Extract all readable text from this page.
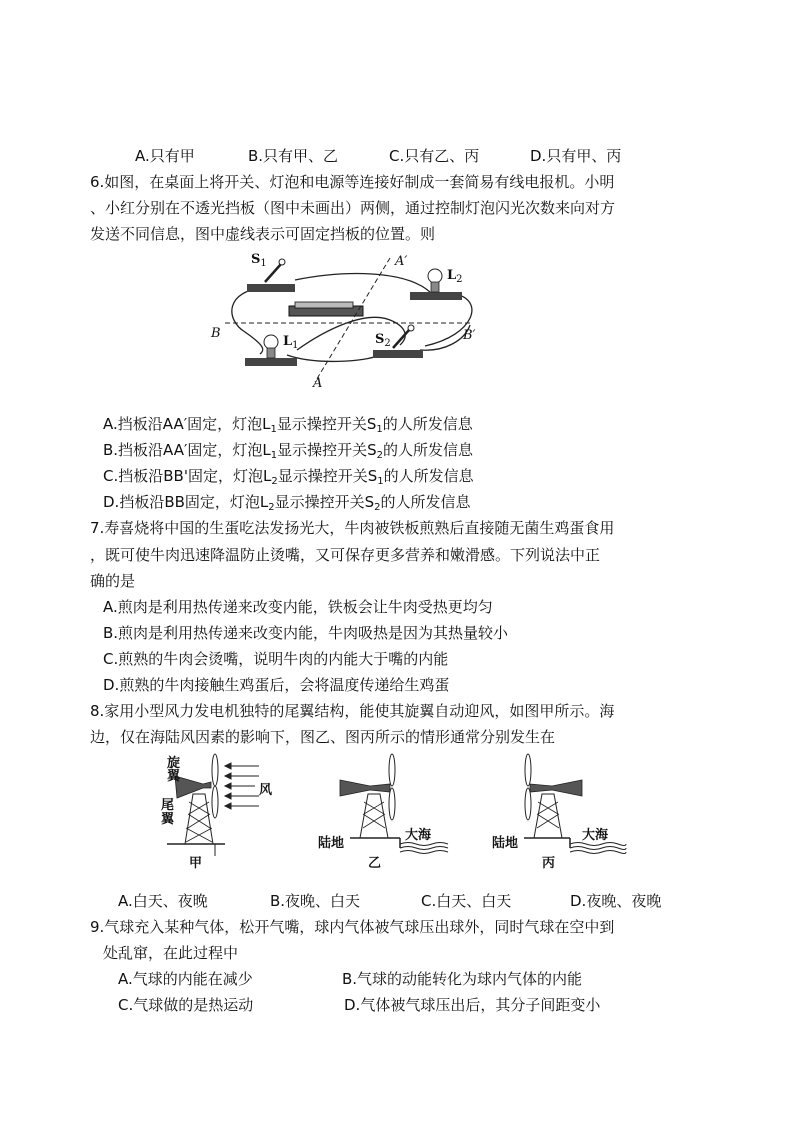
A.只有甲	B.只有甲、乙	C.只有乙、丙	D.只有甲、丙
6.如图，在桌面上将开关、灯泡和电源等连接好制成一套简易有线电报机。小明
、小红分别在不透光挡板（图中未画出）两侧，通过控制灯泡闪光次数来向对方
发送不同信息，图中虚线表示可固定挡板的位置。则
$S_1$
$L_2$
$L_1$	$S_2$
A′
A
B	B′
A.挡板沿AA′固定，灯泡$L_1$显示操控开关$S_1$的人所发信息
B.挡板沿AA′固定，灯泡$L_1$显示操控开关$S_2$的人所发信息
C.挡板沿BB'固定，灯泡$L_2$显示操控开关$S_1$的人所发信息
D.挡板沿BB固定，灯泡$L_2$显示操控开关$S_2$的人所发信息
7.寿喜烧将中国的生蛋吃法发扬光大，牛肉被铁板煎熟后直接随无菌生鸡蛋食用
，既可使牛肉迅速降温防止烫嘴，又可保存更多营养和嫩滑感。下列说法中正
确的是
A.煎肉是利用热传递来改变内能，铁板会让牛肉受热更均匀
B.煎肉是利用热传递来改变内能，牛肉吸热是因为其热量较小
C.煎熟的牛肉会烫嘴，说明牛肉的内能大于嘴的内能
D.煎熟的牛肉接触生鸡蛋后，会将温度传递给生鸡蛋
8.家用小型风力发电机独特的尾翼结构，能使其旋翼自动迎风，如图甲所示。海
边，仅在海陆风因素的影响下，图乙、图丙所示的情形通常分别发生在
旋
翼
风
尾
翼
甲
陆地
大海
乙
陆地
大海
丙
A.白天、夜晚	B.夜晚、白天	C.白天、白天	D.夜晚、夜晚
9.气球充入某种气体，松开气嘴，球内气体被气球压出球外，同时气球在空中到
处乱窜，在此过程中
A.气球的内能在减少	B.气球的动能转化为球内气体的内能
C.气球做的是热运动	D.气体被气球压出后，其分子间距变小
